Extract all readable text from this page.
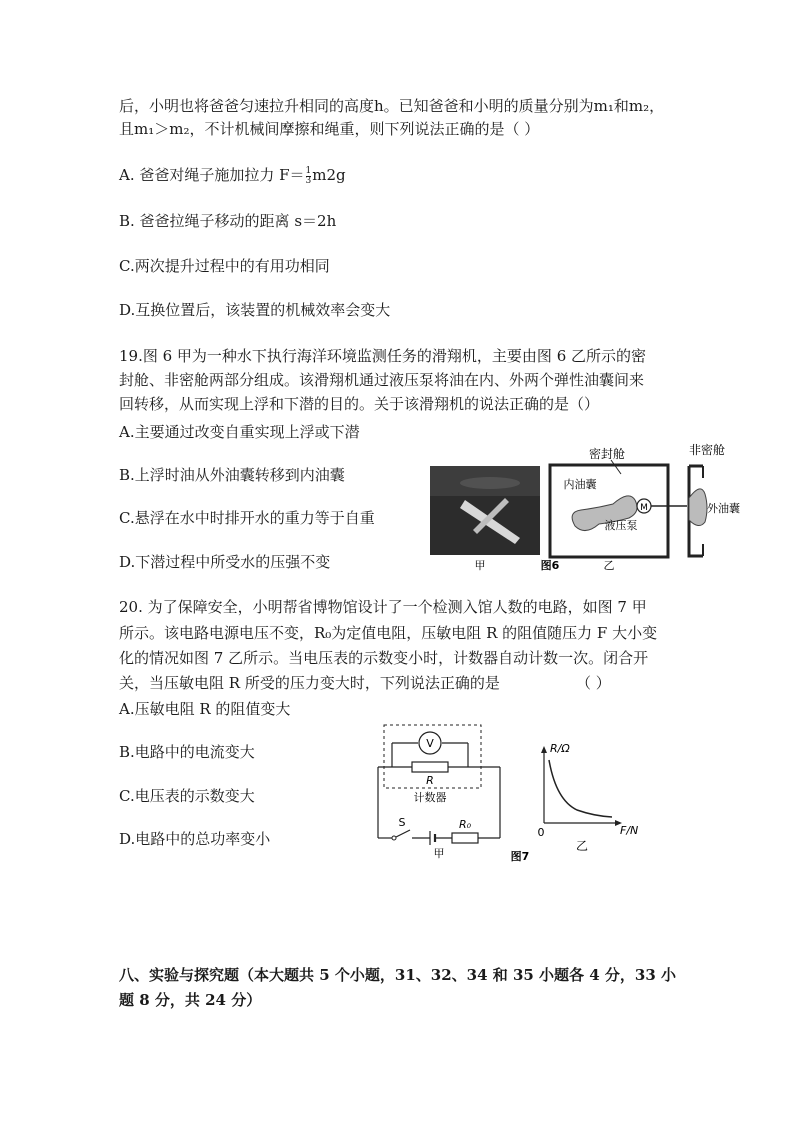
后，小明也将爸爸匀速拉升相同的高度h。已知爸爸和小明的质量分别为m₁和m₂，
且m₁＞m₂，不计机械间摩擦和绳重，则下列说法正确的是（ ）
A. 爸爸对绳子施加拉力 $F= \frac{1}{3} m2g$
B. 爸爸拉绳子移动的距离 s＝2h
C.两次提升过程中的有用功相同
D.互换位置后，该装置的机械效率会变大
19.图 6 甲为一种水下执行海洋环境监测任务的滑翔机，主要由图 6 乙所示的密
封舱、非密舱两部分组成。该滑翔机通过液压泵将油在内、外两个弹性油囊间来
回转移，从而实现上浮和下潜的目的。关于该滑翔机的说法正确的是（）
A.主要通过改变自重实现上浮或下潜
B.上浮时油从外油囊转移到内油囊
C.悬浮在水中时排开水的重力等于自重
D.下潜过程中所受水的压强不变	甲
密封舱
内油囊
M
液压泵
非密舱
外油囊
乙
图6
20. 为了保障安全，小明帮省博物馆设计了一个检测入馆人数的电路，如图 7 甲
所示。该电路电源电压不变，R₀为定值电阻，压敏电阻 R 的阻值随压力 F 大小变
化的情况如图 7 乙所示。当电压表的示数变小时，计数器自动计数一次。闭合开
关，当压敏电阻 R 所受的压力变大时，下列说法正确的是	（ ）
A.压敏电阻 R 的阻值变大
B.电路中的电流变大
C.电压表的示数变大
D.电路中的总功率变小
V
R
计数器
S	R₀
甲	图7
R/Ω
F/N
0
乙
八、实验与探究题（本大题共 5 个小题，31、32、34 和 35 小题各 4 分，33 小
题 8 分，共 24 分）
